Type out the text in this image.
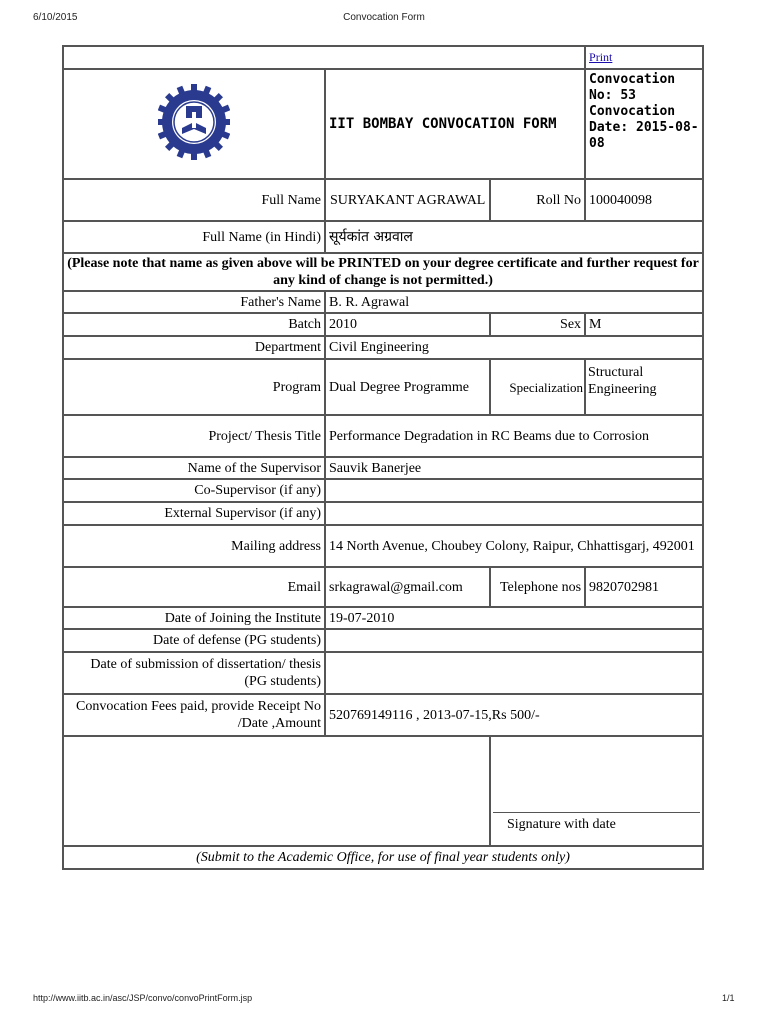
6/10/2015	Convocation Form
			Print
	IIT BOMBAY CONVOCATION FORM		Convocation No: 53
Convocation Date: 2015-08-08

Full Name	SURYAKANT AGRAWAL	Roll No	100040098
Full Name (in Hindi)	सूर्यकांत अग्रवाल		
(Please note that name as given above will be PRINTED on your degree certificate and further request for any kind of change is not permitted.)			
Father's Name	B. R. Agrawal		
Batch	2010	Sex	M
Department	Civil Engineering		
Program	Dual Degree Programme	Specialization	Structural Engineering
Project/ Thesis Title	Performance Degradation in RC Beams due to Corrosion		
Name of the Supervisor	Sauvik Banerjee		
Co-Supervisor (if any)			
External Supervisor (if any)			
Mailing address	14 North Avenue, Choubey Colony, Raipur, Chhattisgarj, 492001		
Email	srkagrawal@gmail.com	Telephone nos	9820702981
Date of Joining the Institute	19-07-2010		
Date of defense (PG students)			
Date of submission of dissertation/ thesis (PG students)			
Convocation Fees paid, provide Receipt No /Date ,Amount	520769149116 , 2013-07-15,Rs 500/-		

		Signature with date	

(Submit to the Academic Office, for use of final year students only)			
http://www.iitb.ac.in/asc/JSP/convo/convoPrintForm.jsp	1/1
